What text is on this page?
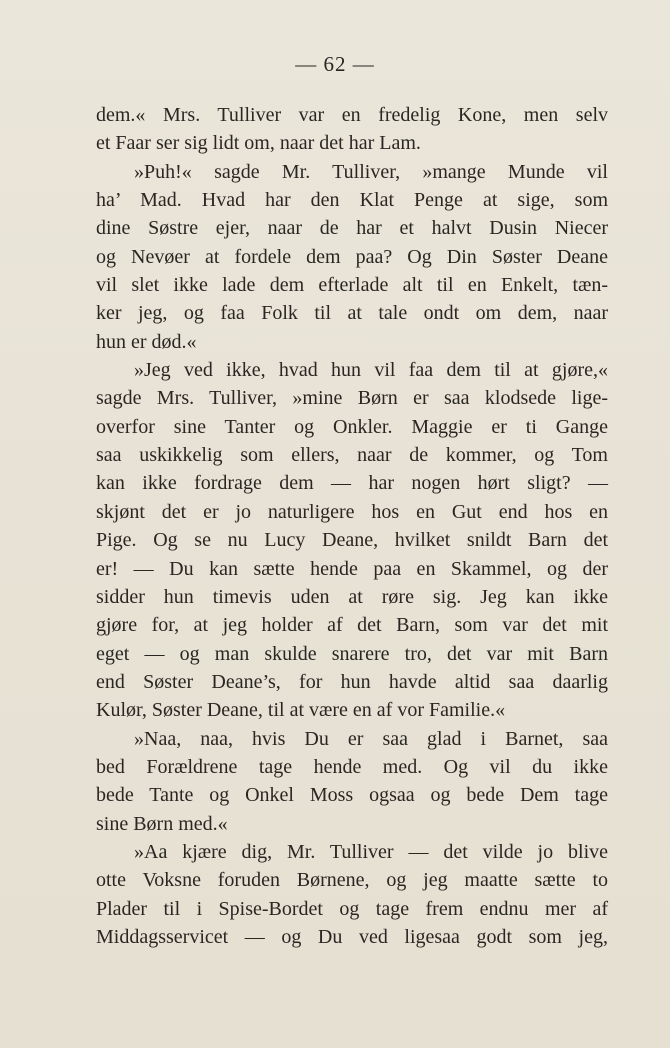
— 62 —
dem.« Mrs. Tulliver var en fredelig Kone, men selv
et Faar ser sig lidt om, naar det har Lam.
»Puh!« sagde Mr. Tulliver, »mange Munde vil
ha’ Mad. Hvad har den Klat Penge at sige, som
dine Søstre ejer, naar de har et halvt Dusin Niecer
og Nevøer at fordele dem paa? Og Din Søster Deane
vil slet ikke lade dem efterlade alt til en Enkelt, tæn-
ker jeg, og faa Folk til at tale ondt om dem, naar
hun er død.«
»Jeg ved ikke, hvad hun vil faa dem til at gjøre,«
sagde Mrs. Tulliver, »mine Børn er saa klodsede lige-
overfor sine Tanter og Onkler. Maggie er ti Gange
saa uskikkelig som ellers, naar de kommer, og Tom
kan ikke fordrage dem — har nogen hørt sligt? —
skjønt det er jo naturligere hos en Gut end hos en
Pige. Og se nu Lucy Deane, hvilket snildt Barn det
er! — Du kan sætte hende paa en Skammel, og der
sidder hun timevis uden at røre sig. Jeg kan ikke
gjøre for, at jeg holder af det Barn, som var det mit
eget — og man skulde snarere tro, det var mit Barn
end Søster Deane’s, for hun havde altid saa daarlig
Kulør, Søster Deane, til at være en af vor Familie.«
»Naa, naa, hvis Du er saa glad i Barnet, saa
bed Forældrene tage hende med. Og vil du ikke
bede Tante og Onkel Moss ogsaa og bede Dem tage
sine Børn med.«
»Aa kjære dig, Mr. Tulliver — det vilde jo blive
otte Voksne foruden Børnene, og jeg maatte sætte to
Plader til i Spise-Bordet og tage frem endnu mer af
Middagsservicet — og Du ved ligesaa godt som jeg,
